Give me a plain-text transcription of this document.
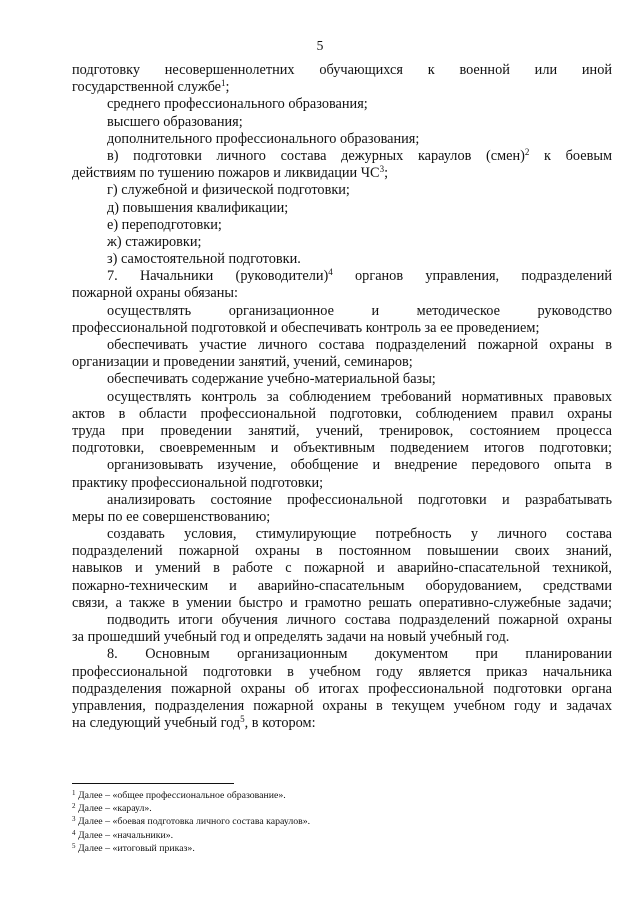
5
подготовку несовершеннолетних обучающихся к военной или иной
государственной службе$^1$;
среднего профессионального образования;
высшего образования;
дополнительного профессионального образования;
в) подготовки личного состава дежурных караулов (смен)$^2$ к боевым
действиям по тушению пожаров и ликвидации $ЧС^3$;
г) служебной и физической подготовки;
д) повышения квалификации;
е) переподготовки;
ж) стажировки;
з) самостоятельной подготовки.
7. Начальники (руководители)$^4$ органов управления, подразделений
пожарной охраны обязаны:
осуществлять организационное и методическое руководство
профессиональной подготовкой и обеспечивать контроль за ее проведением;
обеспечивать участие личного состава подразделений пожарной охраны в
организации и проведении занятий, учений, семинаров;
обеспечивать содержание учебно-материальной базы;
осуществлять контроль за соблюдением требований нормативных правовых
актов в области профессиональной подготовки, соблюдением правил охраны
труда при проведении занятий, учений, тренировок, состоянием процесса
подготовки, своевременным и объективным подведением итогов подготовки;
организовывать изучение, обобщение и внедрение передового опыта в
практику профессиональной подготовки;
анализировать состояние профессиональной подготовки и разрабатывать
меры по ее совершенствованию;
создавать условия, стимулирующие потребность у личного состава
подразделений пожарной охраны в постоянном повышении своих знаний,
навыков и умений в работе с пожарной и аварийно-спасательной техникой,
пожарно-техническим и аварийно-спасательным оборудованием, средствами
связи, а также в умении быстро и грамотно решать оперативно-служебные задачи;
подводить итоги обучения личного состава подразделений пожарной охраны
за прошедший учебный год и определять задачи на новый учебный год.
8. Основным организационным документом при планировании
профессиональной подготовки в учебном году является приказ начальника
подразделения пожарной охраны об итогах профессиональной подготовки органа
управления, подразделения пожарной охраны в текущем учебном году и задачах
на следующий учебный год$^5$, в котором:
$^1$ Далее – «общее профессиональное образование».
$^2$ Далее – «караул».
$^3$ Далее – «боевая подготовка личного состава караулов».
$^4$ Далее – «начальники».
$^5$ Далее – «итоговый приказ».
